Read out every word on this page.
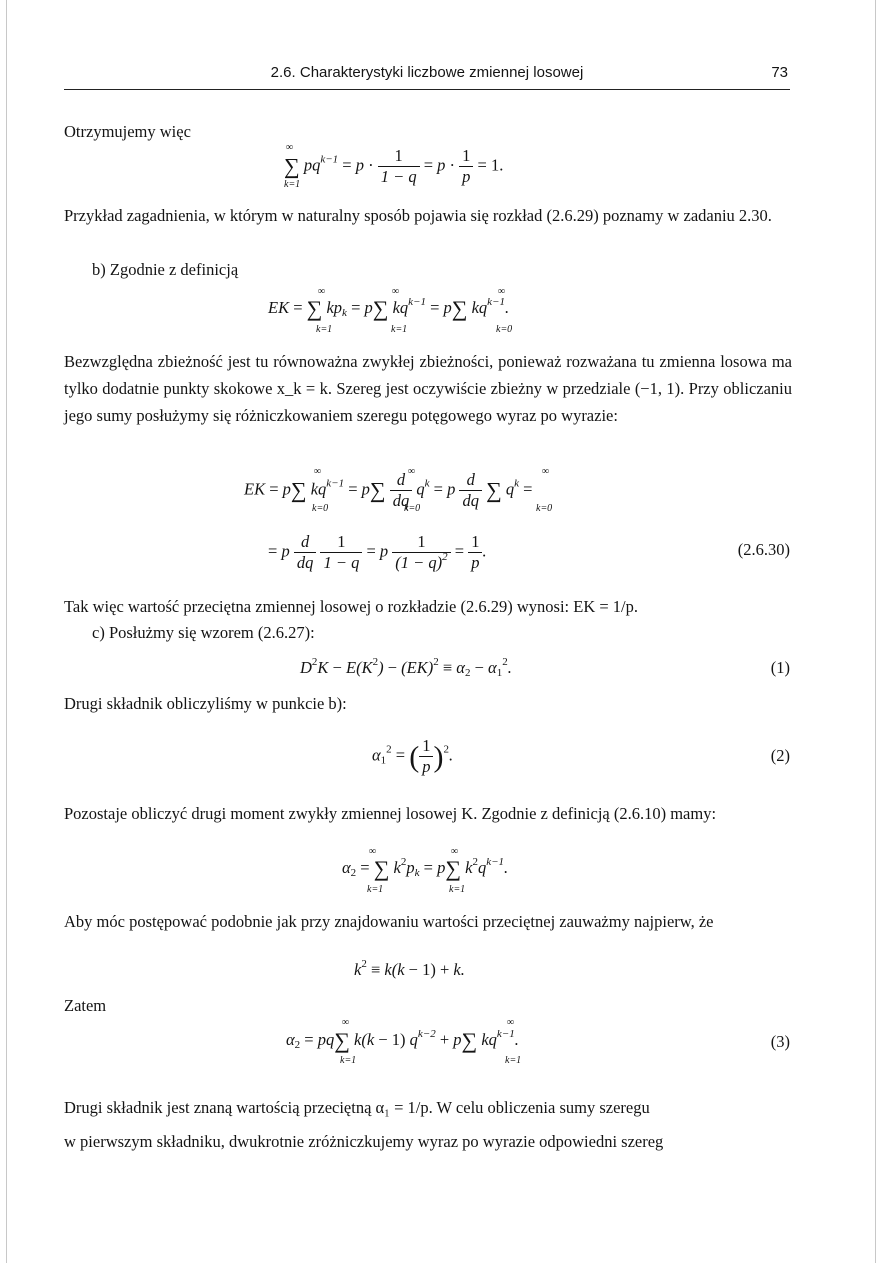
2.6. Charakterystyki liczbowe zmiennej losowej	73
Otrzymujemy więc
∞
∑ $pq^{k-1} = p \cdot \frac{1}{1 - q} = p \cdot \frac{1}{p} = 1$.
k=1
Przykład zagadnienia, w którym w naturalny sposób pojawia się rozkład (2.6.29) poznamy w zadaniu 2.30.
b) Zgodnie z definicją
∞	∞	∞
EK = ∑ $kp_k = p\sum$ $kq^{k-1} = p\sum$ $kq^{k-1}$.
k=1	k=1	k=0
Bezwzględna zbieżność jest tu równoważna zwykłej zbieżności, ponieważ rozważana tu zmienna losowa ma tylko dodatnie punkty skokowe x_k = k. Szereg jest oczywiście zbieżny w przedziale (−1, 1). Przy obliczaniu jego sumy posłużymy się różniczkowaniem szeregu potęgowego wyraz po wyrazie:
∞	∞	∞
EK = p∑ $kq^{k-1} = p\sum \frac{d}{dq} q^k = p \frac{d}{dq}$ ∑ $q^k$ =
k=0	k=0	k=0
= p $\frac{d}{dq}$
$\frac{1}{1 - q} = p \frac{1}{(1 - q)^2} = \frac{1}{p}$ .	(2.6.30)
Tak więc wartość przeciętna zmiennej losowej o rozkładzie (2.6.29) wynosi: EK = 1/p.
c) Posłużmy się wzorem (2.6.27):
$D^2K - E(K^2) - (EK)^2 \equiv \alpha_2 - \alpha_1^2$.	(1)
Drugi składnik obliczyliśmy w punkcie b):
$\alpha_1^2$ = ( $\frac{1}{p} )^2$.	(2)
Pozostaje obliczyć drugi moment zwykły zmiennej losowej K. Zgodnie z definicją (2.6.10) mamy:
∞	∞
$\alpha_2$ = ∑ $k^2p_k = p\sum$ $k^2q^{k-1}$.
k=1	k=1
Aby móc postępować podobnie jak przy znajdowaniu wartości przeciętnej zauważmy najpierw, że
$k^2 \equiv k(k - 1) + k$.
Zatem
∞	∞
$\alpha_2 = pq\sum$ k(k − 1) $q^{k-2} + p\sum$ $kq^{k-1}$.
k=1	k=1
(3)
Drugi składnik jest znaną wartością przeciętną α₁ = 1/p. W celu obliczenia sumy szeregu
w pierwszym składniku, dwukrotnie zróżniczkujemy wyraz po wyrazie odpowiedni szereg
